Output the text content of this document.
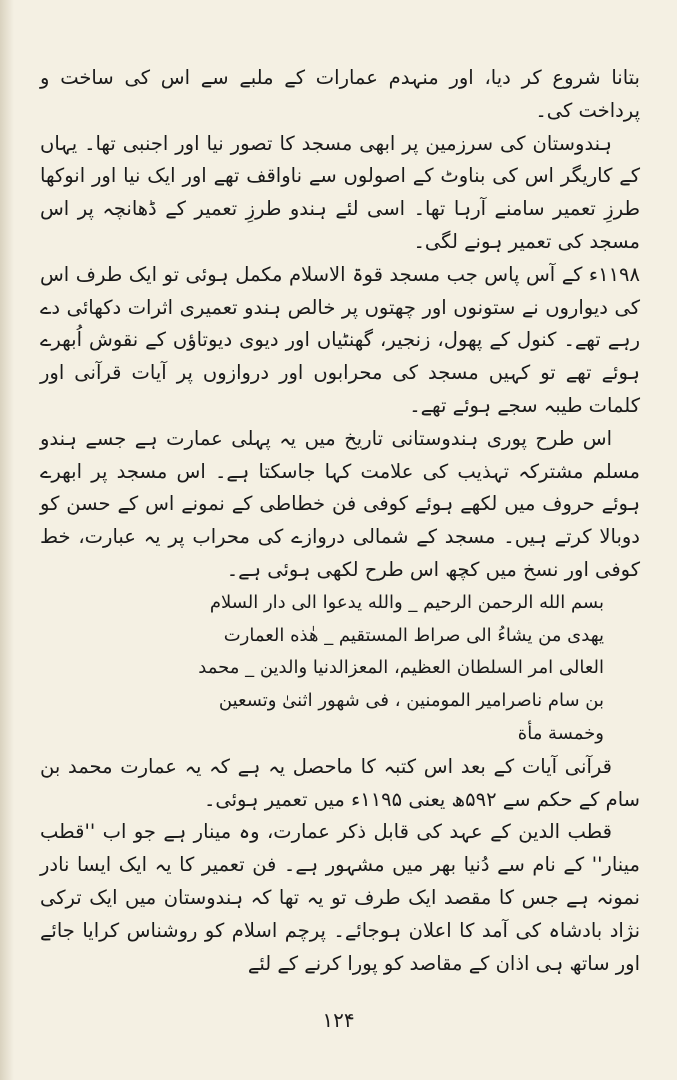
بتانا شروع کر دیا، اور منہدم عمارات کے ملبے سے اس کی ساخت و پرداخت کی۔

ہندوستان کی سرزمین پر ابھی مسجد کا تصور نیا اور اجنبی تھا۔ یہاں کے کاریگر اس کی بناوٹ کے اصولوں سے ناواقف تھے اور ایک نیا اور انوکھا طرزِ تعمیر سامنے آرہا تھا۔ اسی لئے ہندو طرزِ تعمیر کے ڈھانچہ پر اس مسجد کی تعمیر ہونے لگی۔

۱۱۹۸ء کے آس پاس جب مسجد قوۃ الاسلام مکمل ہوئی تو ایک طرف اس کی دیواروں نے ستونوں اور چھتوں پر خالص ہندو تعمیری اثرات دکھائی دے رہے تھے۔ کنول کے پھول، زنجیر، گھنٹیاں اور دیوی دیوتاؤں کے نقوش اُبھرے ہوئے تھے تو کہیں مسجد کی محرابوں اور دروازوں پر آیات قرآنی اور کلمات طیبہ سجے ہوئے تھے۔

اس طرح پوری ہندوستانی تاریخ میں یہ پہلی عمارت ہے جسے ہندو مسلم مشترکہ تہذیب کی علامت کہا جاسکتا ہے۔ اس مسجد پر ابھرے ہوئے حروف میں لکھے ہوئے کوفی فن خطاطی کے نمونے اس کے حسن کو دوبالا کرتے ہیں۔ مسجد کے شمالی دروازے کی محراب پر یہ عبارت، خط کوفی اور نسخ میں کچھ اس طرح لکھی ہوئی ہے۔

بسم الله الرحمن الرحيم _ والله يدعوا الى دار السلام
يهدى من يشاءُ الى صراط المستقيم _ هٰذه العمارت
العالى امر السلطان العظيم، المعزالدنيا والدين _ محمد
بن سام ناصرامير المومنين ، فى شهور اثنىٰ وتسعين
وخمسة مأة

قرآنی آیات کے بعد اس کتبہ کا ماحصل یہ ہے کہ یہ عمارت محمد بن سام کے حکم سے ۵۹۲ھ یعنی ۱۱۹۵ء میں تعمیر ہوئی۔

قطب الدین کے عہد کی قابل ذکر عمارت، وہ مینار ہے جو اب ''قطب مینار'' کے نام سے دُنیا بھر میں مشہور ہے۔ فن تعمیر کا یہ ایک ایسا نادر نمونہ ہے جس کا مقصد ایک طرف تو یہ تھا کہ ہندوستان میں ایک ترکی نژاد بادشاہ کی آمد کا اعلان ہوجائے۔ پرچم اسلام کو روشناس کرایا جائے اور ساتھ ہی اذان کے مقاصد کو پورا کرنے کے لئے

۱۲۴
